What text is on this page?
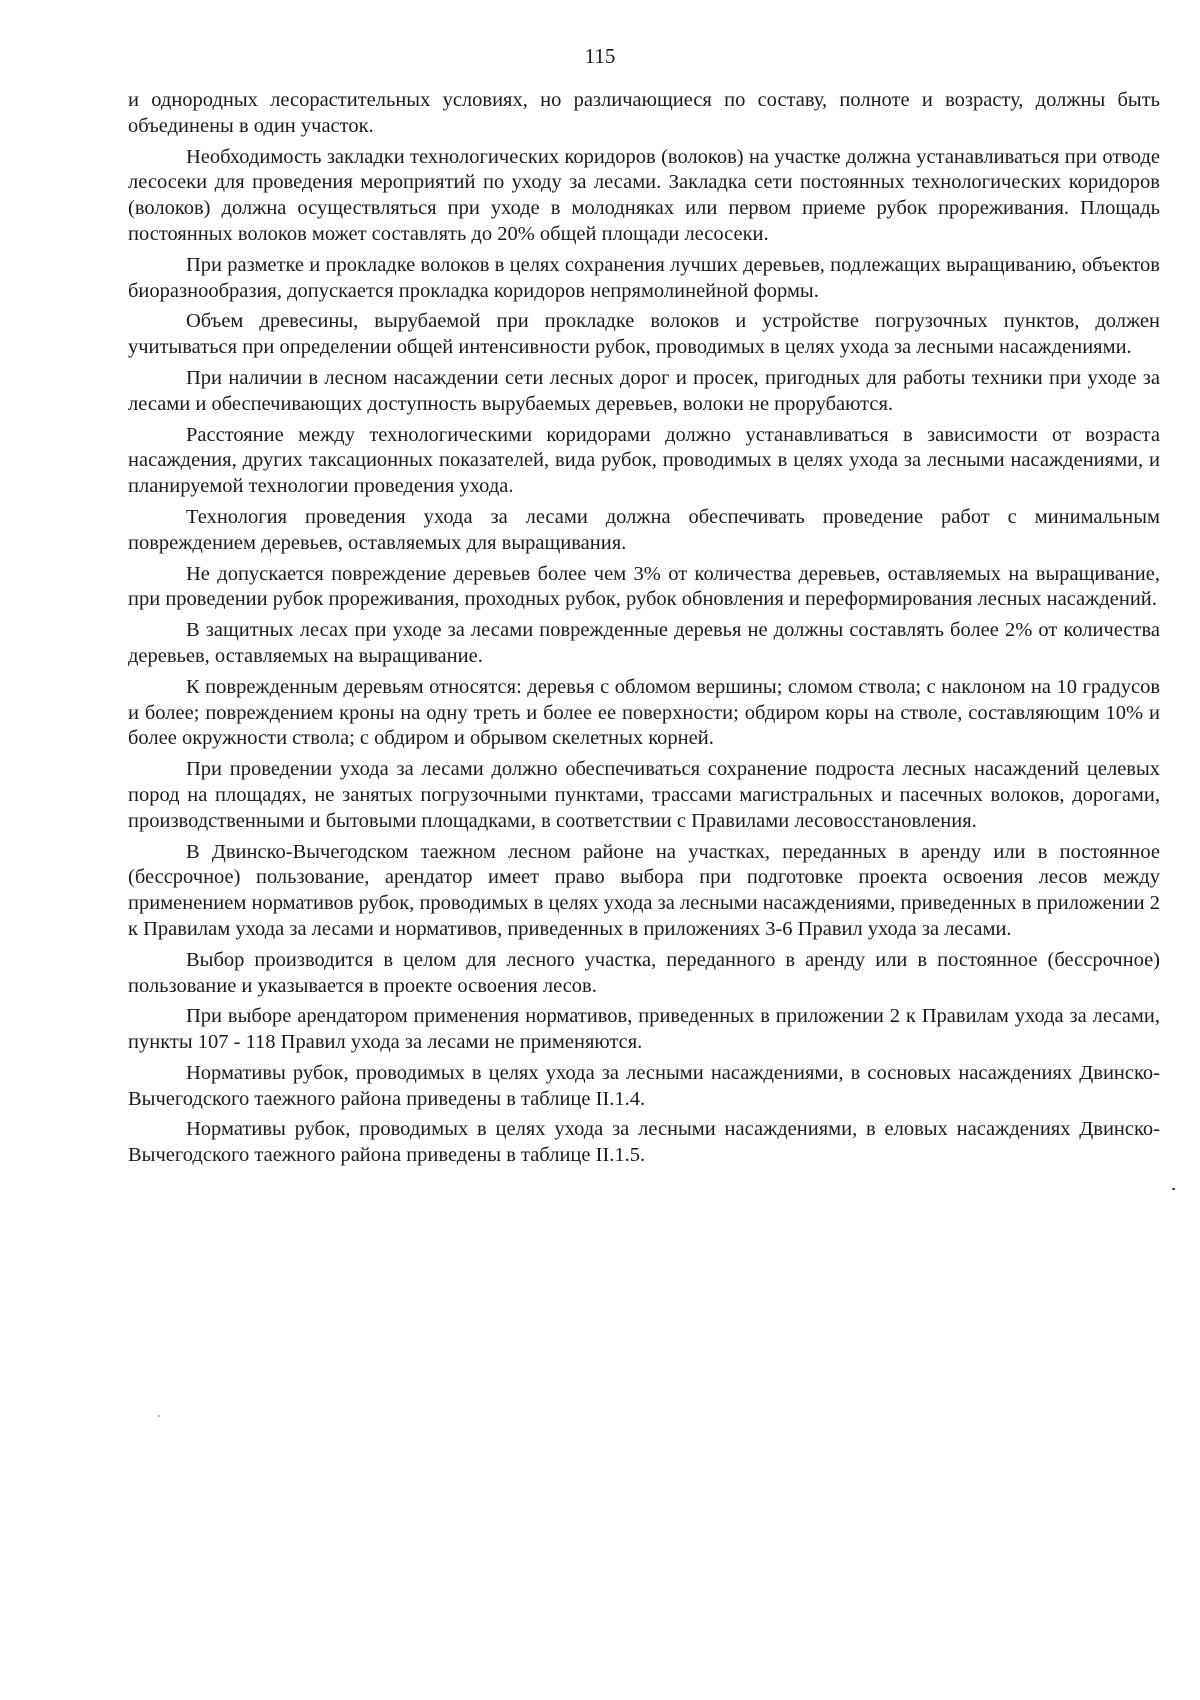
115

и однородных лесорастительных условиях, но различающиеся по составу, полноте и возрасту, должны быть объединены в один участок.

Необходимость закладки технологических коридоров (волоков) на участке должна устанавливаться при отводе лесосеки для проведения мероприятий по уходу за лесами. Закладка сети постоянных технологических коридоров (волоков) должна осуществляться при уходе в молодняках или первом приеме рубок прореживания. Площадь постоянных волоков может составлять до 20% общей площади лесосеки.

При разметке и прокладке волоков в целях сохранения лучших деревьев, подлежащих выращиванию, объектов биоразнообразия, допускается прокладка коридоров непрямолинейной формы.

Объем древесины, вырубаемой при прокладке волоков и устройстве погрузочных пунктов, должен учитываться при определении общей интенсивности рубок, проводимых в целях ухода за лесными насаждениями.

При наличии в лесном насаждении сети лесных дорог и просек, пригодных для работы техники при уходе за лесами и обеспечивающих доступность вырубаемых деревьев, волоки не прорубаются.

Расстояние между технологическими коридорами должно устанавливаться в зависимости от возраста насаждения, других таксационных показателей, вида рубок, проводимых в целях ухода за лесными насаждениями, и планируемой технологии проведения ухода.

Технология проведения ухода за лесами должна обеспечивать проведение работ с минимальным повреждением деревьев, оставляемых для выращивания.

Не допускается повреждение деревьев более чем 3% от количества деревьев, оставляемых на выращивание, при проведении рубок прореживания, проходных рубок, рубок обновления и переформирования лесных насаждений.

В защитных лесах при уходе за лесами поврежденные деревья не должны составлять более 2% от количества деревьев, оставляемых на выращивание.

К поврежденным деревьям относятся: деревья с обломом вершины; сломом ствола; с наклоном на 10 градусов и более; повреждением кроны на одну треть и более ее поверхности; обдиром коры на стволе, составляющим 10% и более окружности ствола; с обдиром и обрывом скелетных корней.

При проведении ухода за лесами должно обеспечиваться сохранение подроста лесных насаждений целевых пород на площадях, не занятых погрузочными пунктами, трассами магистральных и пасечных волоков, дорогами, производственными и бытовыми площадками, в соответствии с Правилами лесовосстановления.

В Двинско-Вычегодском таежном лесном районе на участках, переданных в аренду или в постоянное (бессрочное) пользование, арендатор имеет право выбора при подготовке проекта освоения лесов между применением нормативов рубок, проводимых в целях ухода за лесными насаждениями, приведенных в приложении 2 к Правилам ухода за лесами и нормативов, приведенных в приложениях 3-6 Правил ухода за лесами.

Выбор производится в целом для лесного участка, переданного в аренду или в постоянное (бессрочное) пользование и указывается в проекте освоения лесов.

При выборе арендатором применения нормативов, приведенных в приложении 2 к Правилам ухода за лесами, пункты 107 - 118 Правил ухода за лесами не применяются.

Нормативы рубок, проводимых в целях ухода за лесными насаждениями, в сосновых насаждениях Двинско-Вычегодского таежного района приведены в таблице II.1.4.

Нормативы рубок, проводимых в целях ухода за лесными насаждениями, в еловых насаждениях Двинско-Вычегодского таежного района приведены в таблице II.1.5.
